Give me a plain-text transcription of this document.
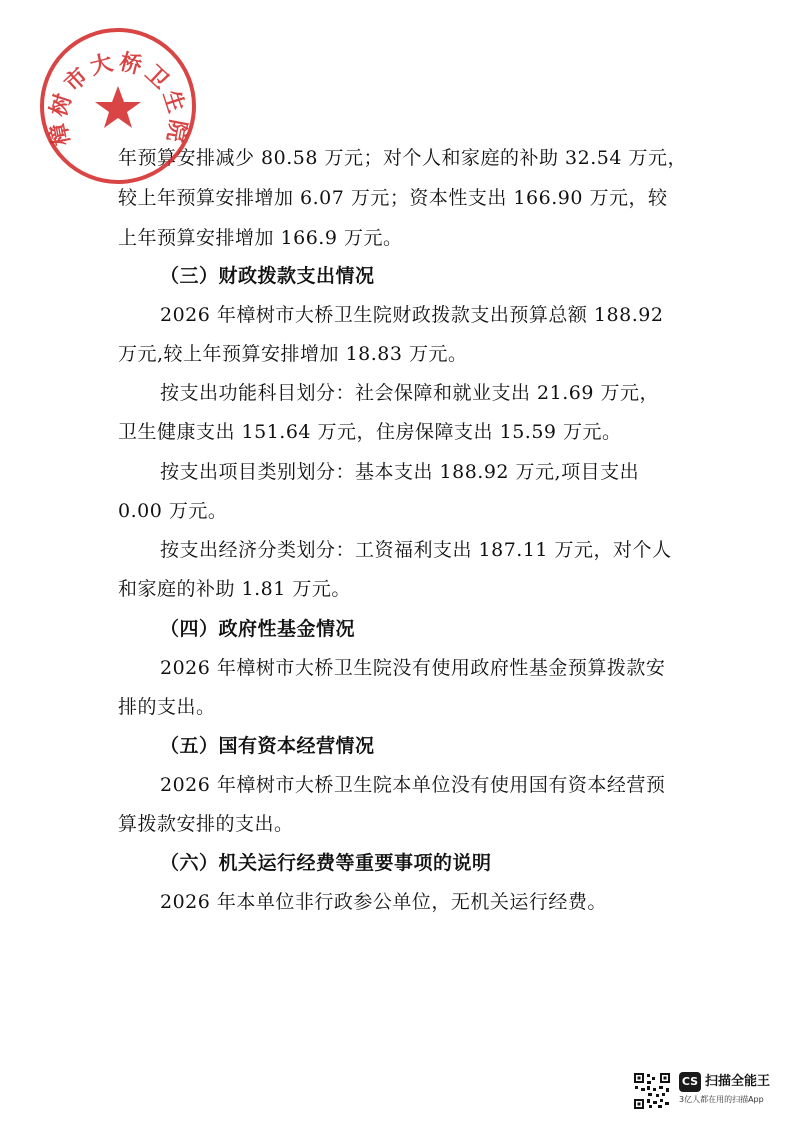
年预算安排减少 80.58 万元；对个人和家庭的补助 32.54 万元，
较上年预算安排增加 6.07 万元；资本性支出 166.90 万元，较
上年预算安排增加 166.9 万元。
（三）财政拨款支出情况
2026 年樟树市大桥卫生院财政拨款支出预算总额 188.92
万元,较上年预算安排增加 18.83 万元。
按支出功能科目划分：社会保障和就业支出 21.69 万元，
卫生健康支出 151.64 万元，住房保障支出 15.59 万元。
按支出项目类别划分：基本支出 188.92 万元,项目支出
0.00 万元。
按支出经济分类划分：工资福利支出 187.11 万元，对个人
和家庭的补助 1.81 万元。
（四）政府性基金情况
2026 年樟树市大桥卫生院没有使用政府性基金预算拨款安
排的支出。
（五）国有资本经营情况
2026 年樟树市大桥卫生院本单位没有使用国有资本经营预
算拨款安排的支出。
（六）机关运行经费等重要事项的说明
2026 年本单位非行政参公单位，无机关运行经费。
樟树市大桥卫生院
CS 扫描全能王
3亿人都在用的扫描App
